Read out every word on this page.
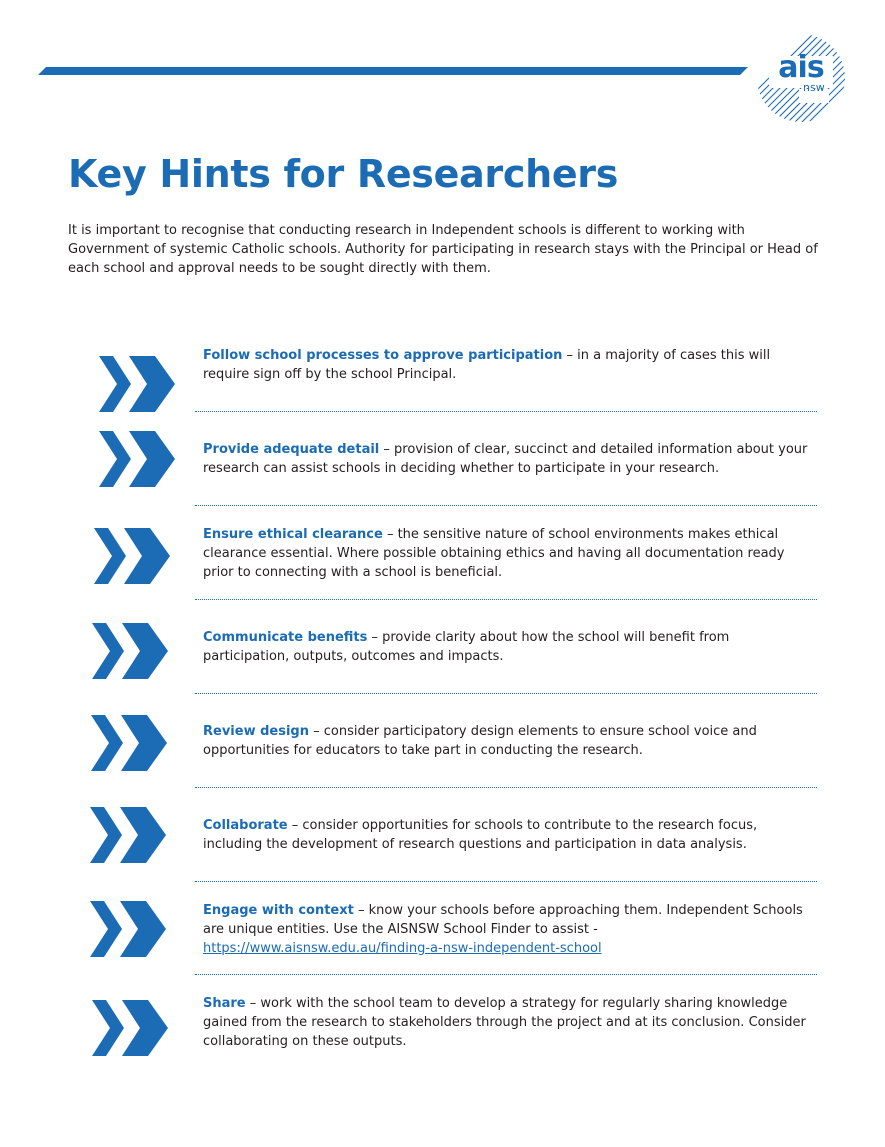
ais
nsw
Key Hints for Researchers

It is important to recognise that conducting research in Independent schools is different to working with Government of systemic Catholic schools. Authority for participating in research stays with the Principal or Head of each school and approval needs to be sought directly with them.

Follow school processes to approve participation – in a majority of cases this will require sign off by the school Principal.

Provide adequate detail – provision of clear, succinct and detailed information about your research can assist schools in deciding whether to participate in your research.

Ensure ethical clearance – the sensitive nature of school environments makes ethical clearance essential. Where possible obtaining ethics and having all documentation ready prior to connecting with a school is beneficial.

Communicate benefits – provide clarity about how the school will benefit from participation, outputs, outcomes and impacts.

Review design – consider participatory design elements to ensure school voice and opportunities for educators to take part in conducting the research.

Collaborate – consider opportunities for schools to contribute to the research focus, including the development of research questions and participation in data analysis.

Engage with context – know your schools before approaching them. Independent Schools are unique entities. Use the AISNSW School Finder to assist - https://www.aisnsw.edu.au/finding-a-nsw-independent-school

Share – work with the school team to develop a strategy for regularly sharing knowledge gained from the research to stakeholders through the project and at its conclusion. Consider collaborating on these outputs.
